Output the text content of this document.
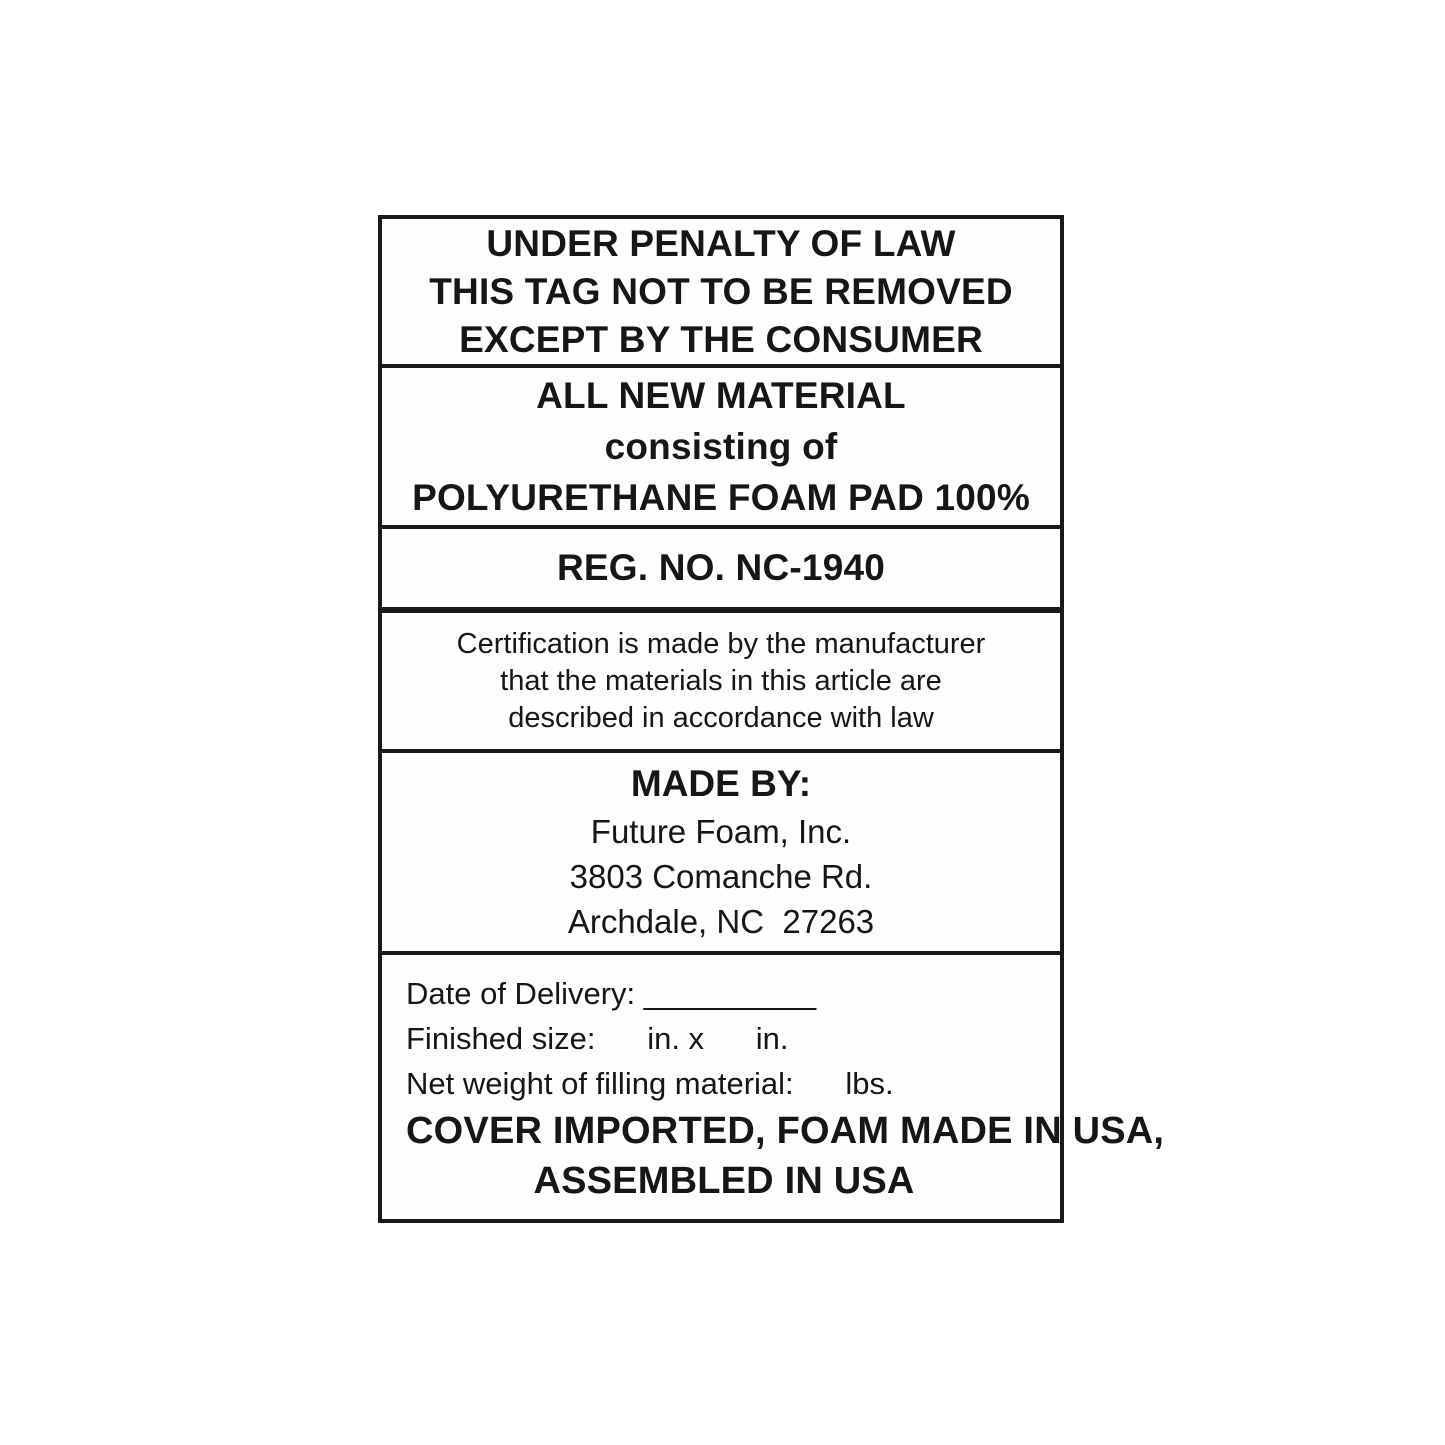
UNDER PENALTY OF LAW
THIS TAG NOT TO BE REMOVED
EXCEPT BY THE CONSUMER
ALL NEW MATERIAL
consisting of
POLYURETHANE FOAM PAD 100%
REG. NO. NC-1940
Certification is made by the manufacturer
that the materials in this article are
described in accordance with law
MADE BY:
Future Foam, Inc.
3803 Comanche Rd.
Archdale, NC  27263
Date of Delivery: __________
Finished size:      in. x      in.
Net weight of filling material:      lbs.
COVER IMPORTED, FOAM MADE IN USA,
ASSEMBLED IN USA
